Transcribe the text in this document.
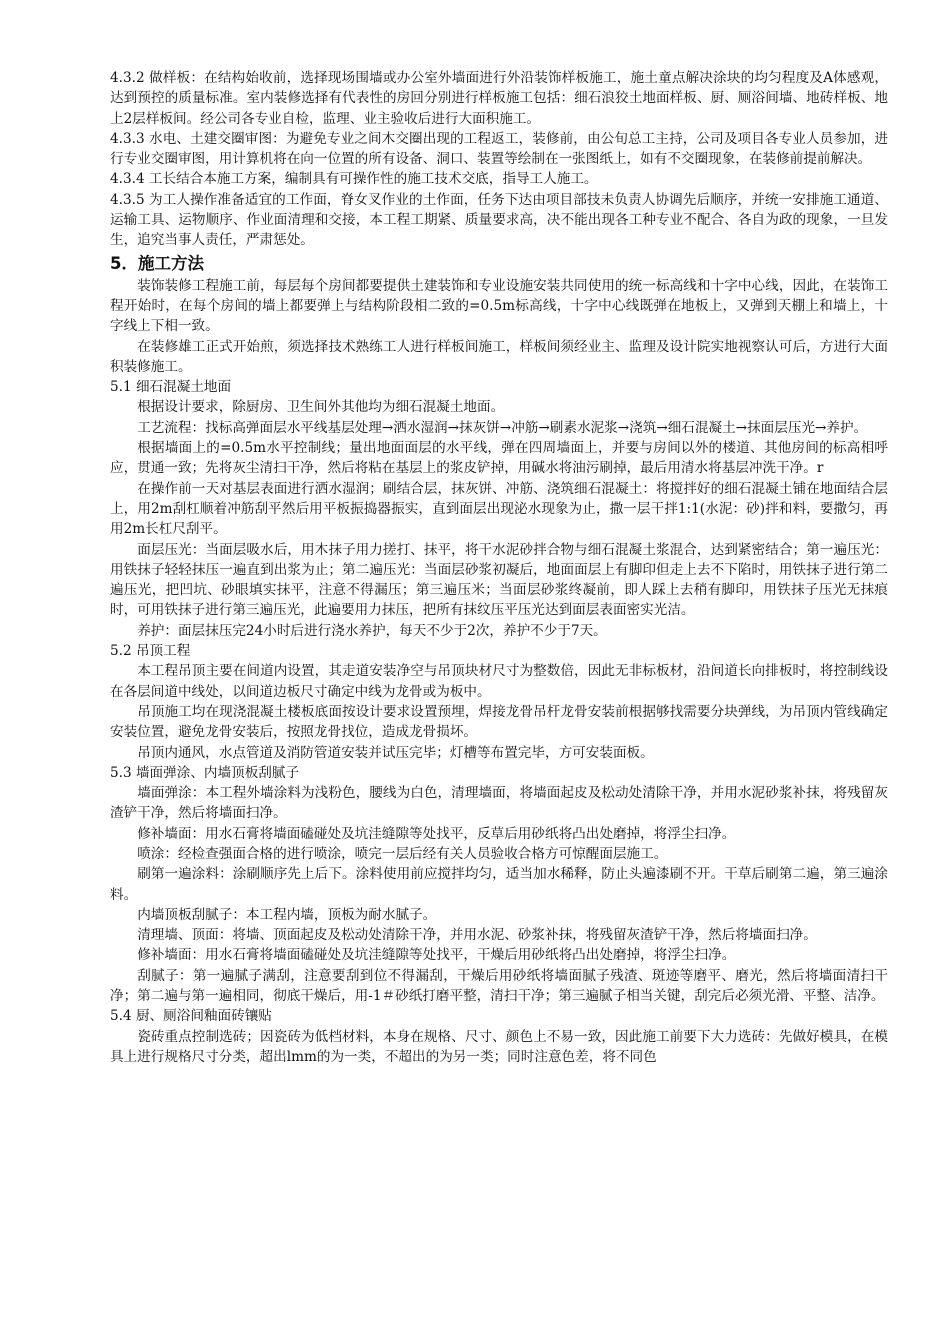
4.3.2 做样板：在结构始收前，选择现场围墙或办公室外墙面进行外沿装饰样板施工，施土童点解决涂块的均匀程度及A体感观，达到预控的质量标准。室内装修选择有代表性的房回分别进行样板施工包括：细石浪狡土地面样板、厨、厕浴间墙、地砖样板、地上2层样板间。经公司各专业自检，监理、业主验收后进行大面积施工。

4.3.3 水电、土建交圈审图：为避免专业之间木交圈出现的工程返工，装修前，由公旬总工主持，公司及项目各专业人员参加，进行专业交圈审图，用计算机将在向一位置的所有设备、洞口、装置等绘制在一张图纸上，如有不交圈现象，在装修前提前解决。

4.3.4 工长结合本施工方案，编制具有可操作性的施工技术交底，指导工人施工。

4.3.5 为工人操作准备适宜的工作面，脊女叉作业的土作面，任务下达由项目部技未负责人协调先后顺序，并统一安排施工通道、运输工具、运物顺序、作业面清理和交接，本工程工期紧、质量要求高，决不能出现各工种专业不配合、各自为政的现象，一旦发生，追究当事人责任，严肃惩处。

5．施工方法

装饰装修工程施工前，每层每个房间都要提供土建装饰和专业设施安装共同使用的统一标高线和十字中心线，因此，在装饰工程开始时，在每个房间的墙上都要弹上与结构阶段相二致的=0.5m标高线，十字中心线既弹在地板上，又弹到天棚上和墙上，十字线上下相一致。

在装修雄工正式开始煎，须选择技术熟练工人进行样板间施工，样板间须经业主、监理及设计院实地视察认可后，方进行大面积装修施工。

5.1 细石混凝土地面

根据设计要求，除厨房、卫生间外其他均为细石混凝土地面。

工艺流程：找标高弹面层水平线基层处理→洒水湿润→抹灰饼→冲筋→刷素水泥浆→浇筑→细石混凝土→抹面层压光→养护。

根据墙面上的=0.5m水平控制线；量出地面面层的水平线，弹在四周墙面上，并要与房间以外的楼道、其他房间的标高相呼应，贯通一致；先将灰尘清扫干净，然后将粘在基层上的浆皮铲掉，用碱水将油污刷掉，最后用清水将基层冲洗干净。r

在操作前一天对基层表面进行洒水湿润；刷结合层，抹灰饼、冲筋、浇筑细石混凝土：将搅拌好的细石混凝土铺在地面结合层上，用2m刮杠顺着冲筋刮平然后用平板振捣器振实，直到面层出现泌水现象为止，撒一层干拌1:1(水泥：砂)拌和料，要撒匀，再用2m长杠尺刮平。

面层压光：当面层吸水后，用木抹子用力搓打、抹平，将干水泥砂拌合物与细石混凝土浆混合，达到紧密结合；第一遍压光：用铁抹子轻轻抹压一遍直到出浆为止；第二遍压光：当面层砂浆初凝后，地面面层上有脚印但走上去不下陷时，用铁抹子进行第二遍压光，把凹坑、砂眼填实抹平，注意不得漏压；第三遍压米；当面层砂浆终凝前，即人踩上去稍有脚印，用铁抹子压光无抹痕时，可用铁抹子进行第三遍压光，此遍要用力抹压，把所有抹纹压平压光达到面层表面密实光洁。

养护：面层抹压完24小时后进行浇水养护，每天不少于2次，养护不少于7天。

5.2 吊顶工程

本工程吊顶主要在间道内设置，其走道安装净空与吊顶块材尺寸为整数倍，因此无非标板材，沿间道长向排板时，将控制线设在各层间道中线处，以间道边板尺寸确定中线为龙骨或为板中。

吊顶施工均在现浇混凝土楼板底面按设计要求设置预埋，焊接龙骨吊杆龙骨安装前根据够找需要分块弹线，为吊顶内管线确定安装位置，避免龙骨安装后，按照龙骨找位，造成龙骨损坏。

吊顶内通风，水点管道及消防管道安装并试压完毕；灯槽等布置完毕，方可安装面板。

5.3 墙面弹涂、内墙顶板刮腻子

墙面弹涂：本工程外墙涂料为浅粉色，腰线为白色，清理墙面，将墙面起皮及松动处清除干净，并用水泥砂浆补抹，将残留灰渣铲干净，然后将墙面扫净。

修补墙面：用水石膏将墙面磕碰处及坑洼缝隙等处找平，反草后用砂纸将凸出处磨掉，将浮尘扫净。

喷涂：经检查强面合格的进行喷涂，喷完一层后经有关人员验收合格方可惊醒面层施工。

刷第一遍涂料：涂刷顺序先上后下。涂料使用前应搅拌均匀，适当加水稀释，防止头遍漆刷不开。干草后刷第二遍，第三遍涂料。

内墙顶板刮腻子：本工程内墙，顶板为耐水腻子。

清理墙、顶面：将墙、顶面起皮及松动处清除干净，并用水泥、砂浆补抹，将残留灰渣铲干净，然后将墙面扫净。

修补墙面：用水石膏将墙面磕碰处及坑洼缝隙等处找平，干燥后用砂纸将凸出处磨掉，将浮尘扫净。

刮腻子：第一遍腻子满刮，注意要刮到位不得漏刮，干燥后用砂纸将墙面腻子残渣、斑迹等磨平、磨光，然后将墙面清扫干净；第二遍与第一遍相同，彻底干燥后，用-1＃砂纸打磨平整，清扫干净；第三遍腻子相当关键，刮完后必须光滑、平整、洁净。

5.4 厨、厕浴间釉面砖镶贴

瓷砖重点控制选砖；因瓷砖为低档材料，本身在规格、尺寸、颜色上不易一致，因此施工前要下大力选砖：先做好模具，在模具上进行规格尺寸分类，超出lmm的为一类，不超出的为另一类；同时注意色差，将不同色
